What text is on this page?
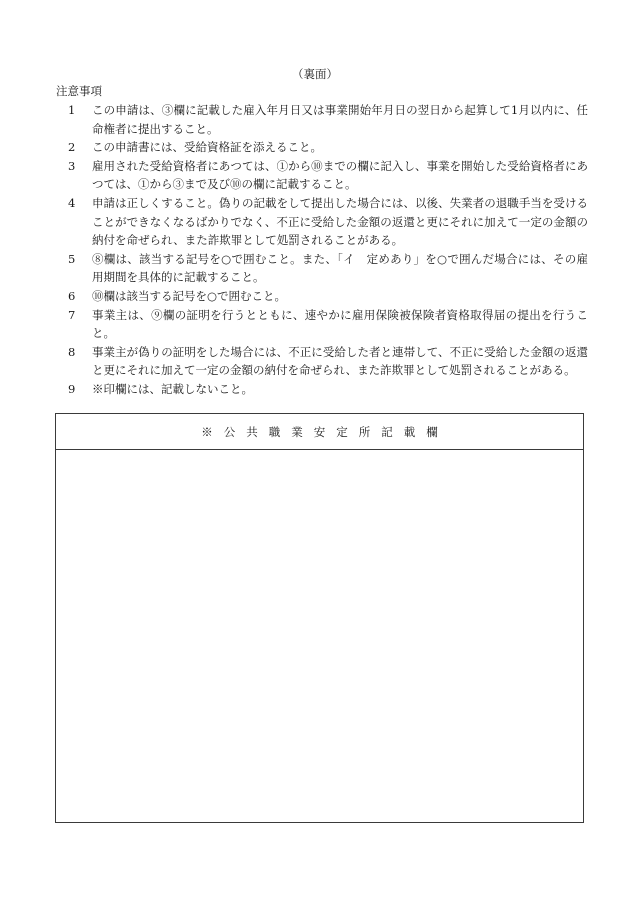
（裏面）
注意事項
1	この申請は、③欄に記載した雇入年月日又は事業開始年月日の翌日から起算して1月以内に、任命権者に提出すること。
2	この申請書には、受給資格証を添えること。
3	雇用された受給資格者にあつては、①から⑩までの欄に記入し、事業を開始した受給資格者にあつては、①から③まで及び⑩の欄に記載すること。
4	申請は正しくすること。偽りの記載をして提出した場合には、以後、失業者の退職手当を受けることができなくなるばかりでなく、不正に受給した金額の返還と更にそれに加えて一定の金額の納付を命ぜられ、また詐欺罪として処罰されることがある。
5	⑧欄は、該当する記号を○で囲むこと。また、「イ　定めあり」を○で囲んだ場合には、その雇用期間を具体的に記載すること。
6	⑩欄は該当する記号を○で囲むこと。
7	事業主は、⑨欄の証明を行うとともに、速やかに雇用保険被保険者資格取得届の提出を行うこと。
8	事業主が偽りの証明をした場合には、不正に受給した者と連帯して、不正に受給した金額の返還と更にそれに加えて一定の金額の納付を命ぜられ、また詐欺罪として処罰されることがある。
9	※印欄には、記載しないこと。
※公共職業安定所記載欄
